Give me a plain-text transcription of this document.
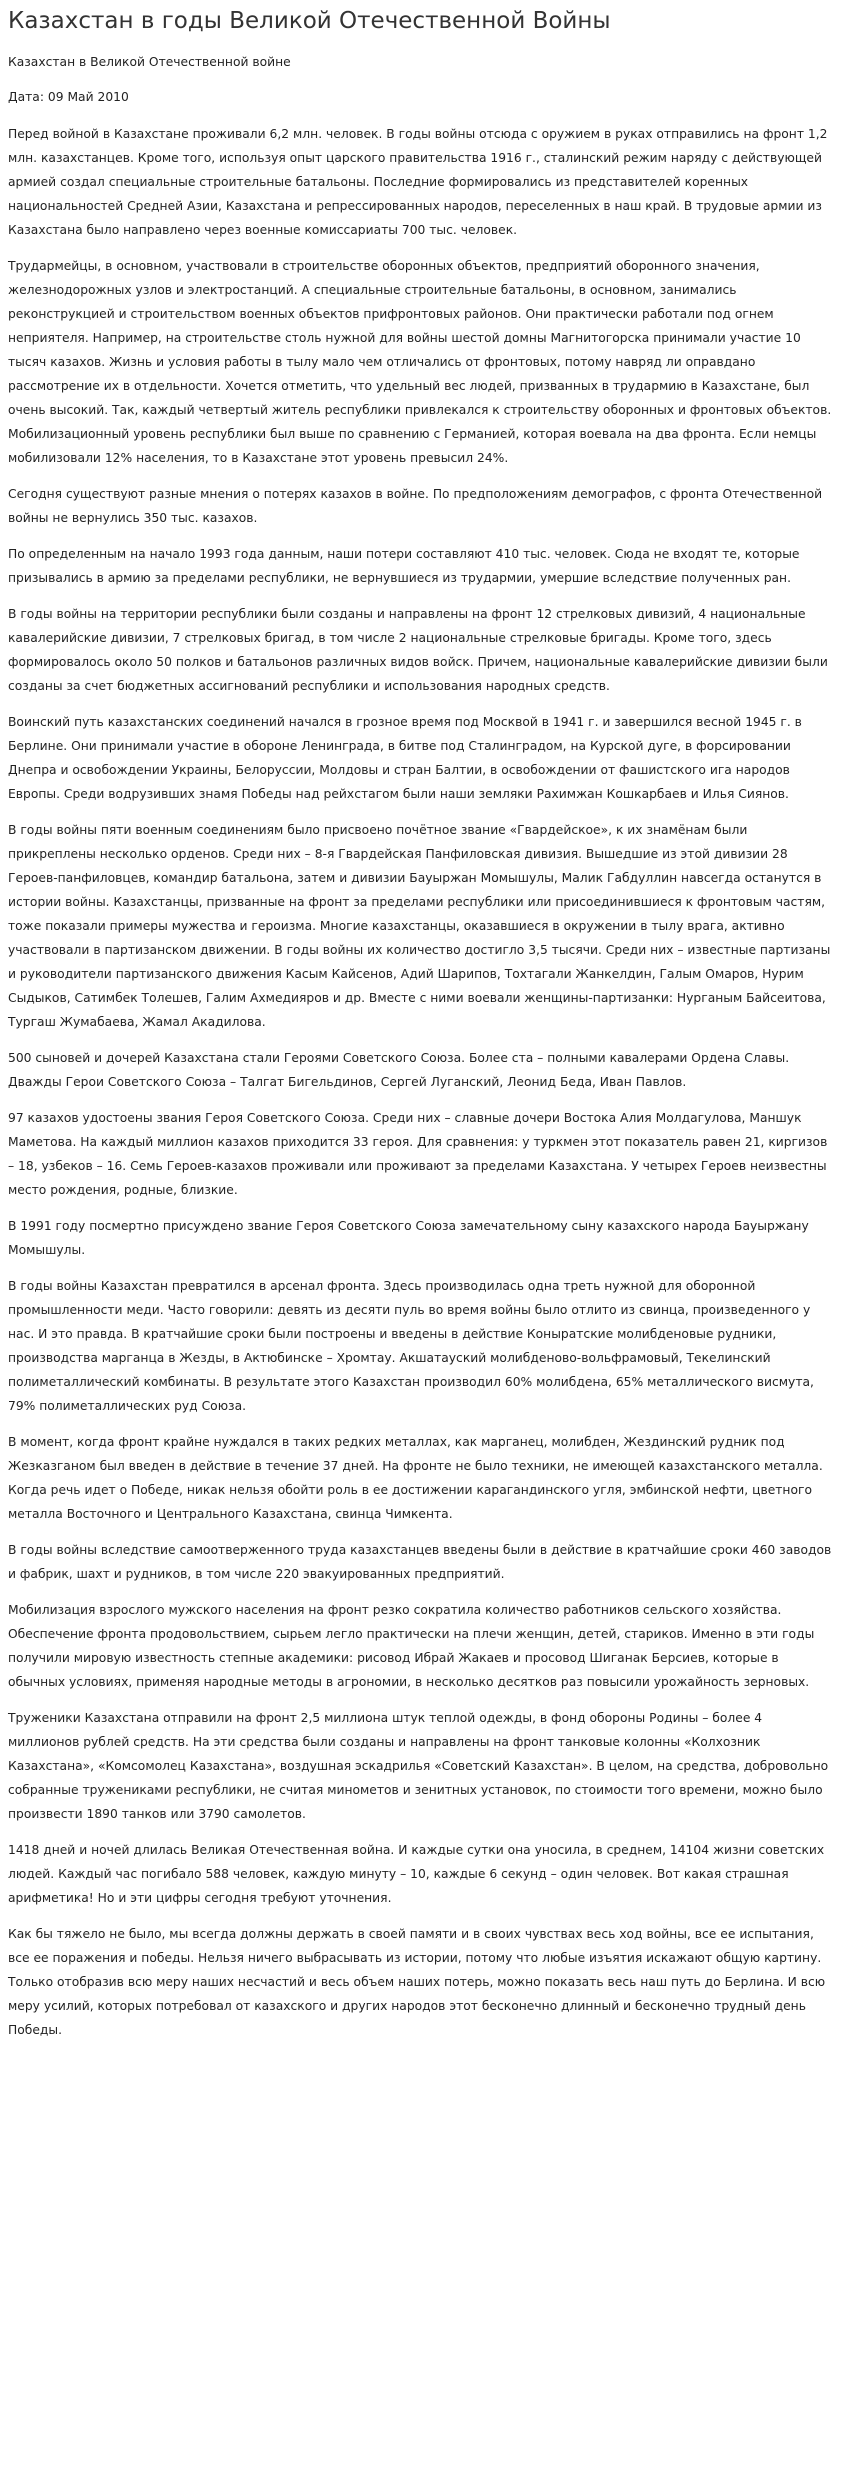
Казахстан в годы Великой Отечественной Войны
Казахстан в Великой Отечественной войне
Дата: 09 Май 2010

Перед войной в Казахстане проживали 6,2 млн. человек. В годы войны отсюда с оружием в руках отправились на фронт 1,2 млн. казахстанцев. Кроме того, используя опыт царского правительства 1916 г., сталинский режим наряду с действующей армией создал специальные строительные батальоны. Последние формировались из представителей коренных национальностей Средней Азии, Казахстана и репрессированных народов, переселенных в наш край. В трудовые армии из Казахстана было направлено через военные комиссариаты 700 тыс. человек.

Трудармейцы, в основном, участвовали в строительстве оборонных объектов, предприятий оборонного значения, железнодорожных узлов и электростанций. А специальные строительные батальоны, в основном, занимались реконструкцией и строительством военных объектов прифронтовых районов. Они практически работали под огнем неприятеля. Например, на строительстве столь нужной для войны шестой домны Магнитогорска принимали участие 10 тысяч казахов. Жизнь и условия работы в тылу мало чем отличались от фронтовых, потому навряд ли оправдано рассмотрение их в отдельности. Хочется отметить, что удельный вес людей, призванных в трудармию в Казахстане, был очень высокий. Так, каждый четвертый житель республики привлекался к строительству оборонных и фронтовых объектов. Мобилизационный уровень республики был выше по сравнению с Германией, которая воевала на два фронта. Если немцы мобилизовали 12% населения, то в Казахстане этот уровень превысил 24%.

Сегодня существуют разные мнения о потерях казахов в войне. По предположениям демографов, с фронта Отечественной войны не вернулись 350 тыс. казахов.

По определенным на начало 1993 года данным, наши потери составляют 410 тыс. человек. Сюда не входят те, которые призывались в армию за пределами республики, не вернувшиеся из трудармии, умершие вследствие полученных ран.

В годы войны на территории республики были созданы и направлены на фронт 12 стрелковых дивизий, 4 национальные кавалерийские дивизии, 7 стрелковых бригад, в том числе 2 национальные стрелковые бригады. Кроме того, здесь формировалось около 50 полков и батальонов различных видов войск. Причем, национальные кавалерийские дивизии были созданы за счет бюджетных ассигнований республики и использования народных средств.

Воинский путь казахстанских соединений начался в грозное время под Москвой в 1941 г. и завершился весной 1945 г. в Берлине. Они принимали участие в обороне Ленинграда, в битве под Сталинградом, на Курской дуге, в форсировании Днепра и освобождении Украины, Белоруссии, Молдовы и стран Балтии, в освобождении от фашистского ига народов Европы. Среди водрузивших знамя Победы над рейхстагом были наши земляки Рахимжан Кошкарбаев и Илья Сиянов.

В годы войны пяти военным соединениям было присвоено почётное звание «Гвардейское», к их знамёнам были прикреплены несколько орденов. Среди них – 8-я Гвардейская Панфиловская дивизия. Вышедшие из этой дивизии 28 Героев-панфиловцев, командир батальона, затем и дивизии Бауыржан Момышулы, Малик Габдуллин навсегда останутся в истории войны. Казахстанцы, призванные на фронт за пределами республики или присоединившиеся к фронтовым частям, тоже показали примеры мужества и героизма. Многие казахстанцы, оказавшиеся в окружении в тылу врага, активно участвовали в партизанском движении. В годы войны их количество достигло 3,5 тысячи. Среди них – известные партизаны и руководители партизанского движения Касым Кайсенов, Адий Шарипов, Тохтагали Жанкелдин, Галым Омаров, Нурим Сыдыков, Сатимбек Толешев, Галим Ахмедияров и др. Вместе с ними воевали женщины-партизанки: Нурганым Байсеитова, Тургаш Жумабаева, Жамал Акадилова.

500 сыновей и дочерей Казахстана стали Героями Советского Союза. Более ста – полными кавалерами Ордена Славы. Дважды Герои Советского Союза – Талгат Бигельдинов, Сергей Луганский, Леонид Беда, Иван Павлов.

97 казахов удостоены звания Героя Советского Союза. Среди них – славные дочери Востока Алия Молдагулова, Маншук Маметова. На каждый миллион казахов приходится 33 героя. Для сравнения: у туркмен этот показатель равен 21, киргизов – 18, узбеков – 16. Семь Героев-казахов проживали или проживают за пределами Казахстана. У четырех Героев неизвестны место рождения, родные, близкие.

В 1991 году посмертно присуждено звание Героя Советского Союза замечательному сыну казахского народа Бауыржану Момышулы.

В годы войны Казахстан превратился в арсенал фронта. Здесь производилась одна треть нужной для оборонной промышленности меди. Часто говорили: девять из десяти пуль во время войны было отлито из свинца, произведенного у нас. И это правда. В кратчайшие сроки были построены и введены в действие Коныратские молибденовые рудники, производства марганца в Жезды, в Актюбинске – Хромтау. Акшатауский молибденово-вольфрамовый, Текелинский полиметаллический комбинаты. В результате этого Казахстан производил 60% молибдена, 65% металлического висмута, 79% полиметаллических руд Союза.

В момент, когда фронт крайне нуждался в таких редких металлах, как марганец, молибден, Жездинский рудник под Жезказганом был введен в действие в течение 37 дней. На фронте не было техники, не имеющей казахстанского металла. Когда речь идет о Победе, никак нельзя обойти роль в ее достижении карагандинского угля, эмбинской нефти, цветного металла Восточного и Центрального Казахстана, свинца Чимкента.

В годы войны вследствие самоотверженного труда казахстанцев введены были в действие в кратчайшие сроки 460 заводов и фабрик, шахт и рудников, в том числе 220 эвакуированных предприятий.

Мобилизация взрослого мужского населения на фронт резко сократила количество работников сельского хозяйства. Обеспечение фронта продовольствием, сырьем легло практически на плечи женщин, детей, стариков. Именно в эти годы получили мировую известность степные академики: рисовод Ибрай Жакаев и просовод Шиганак Берсиев, которые в обычных условиях, применяя народные методы в агрономии, в несколько десятков раз повысили урожайность зерновых.

Труженики Казахстана отправили на фронт 2,5 миллиона штук теплой одежды, в фонд обороны Родины – более 4 миллионов рублей средств. На эти средства были созданы и направлены на фронт танковые колонны «Колхозник Казахстана», «Комсомолец Казахстана», воздушная эскадрилья «Советский Казахстан». В целом, на средства, добровольно собранные тружениками республики, не считая минометов и зенитных установок, по стоимости того времени, можно было произвести 1890 танков или 3790 самолетов.

1418 дней и ночей длилась Великая Отечественная война. И каждые сутки она уносила, в среднем, 14104 жизни советских людей. Каждый час погибало 588 человек, каждую минуту – 10, каждые 6 секунд – один человек. Вот какая страшная арифметика! Но и эти цифры сегодня требуют уточнения.

Как бы тяжело не было, мы всегда должны держать в своей памяти и в своих чувствах весь ход войны, все ее испытания, все ее поражения и победы. Нельзя ничего выбрасывать из истории, потому что любые изъятия искажают общую картину. Только отобразив всю меру наших несчастий и весь объем наших потерь, можно показать весь наш путь до Берлина. И всю меру усилий, которых потребовал от казахского и других народов этот бесконечно длинный и бесконечно трудный день Победы.
